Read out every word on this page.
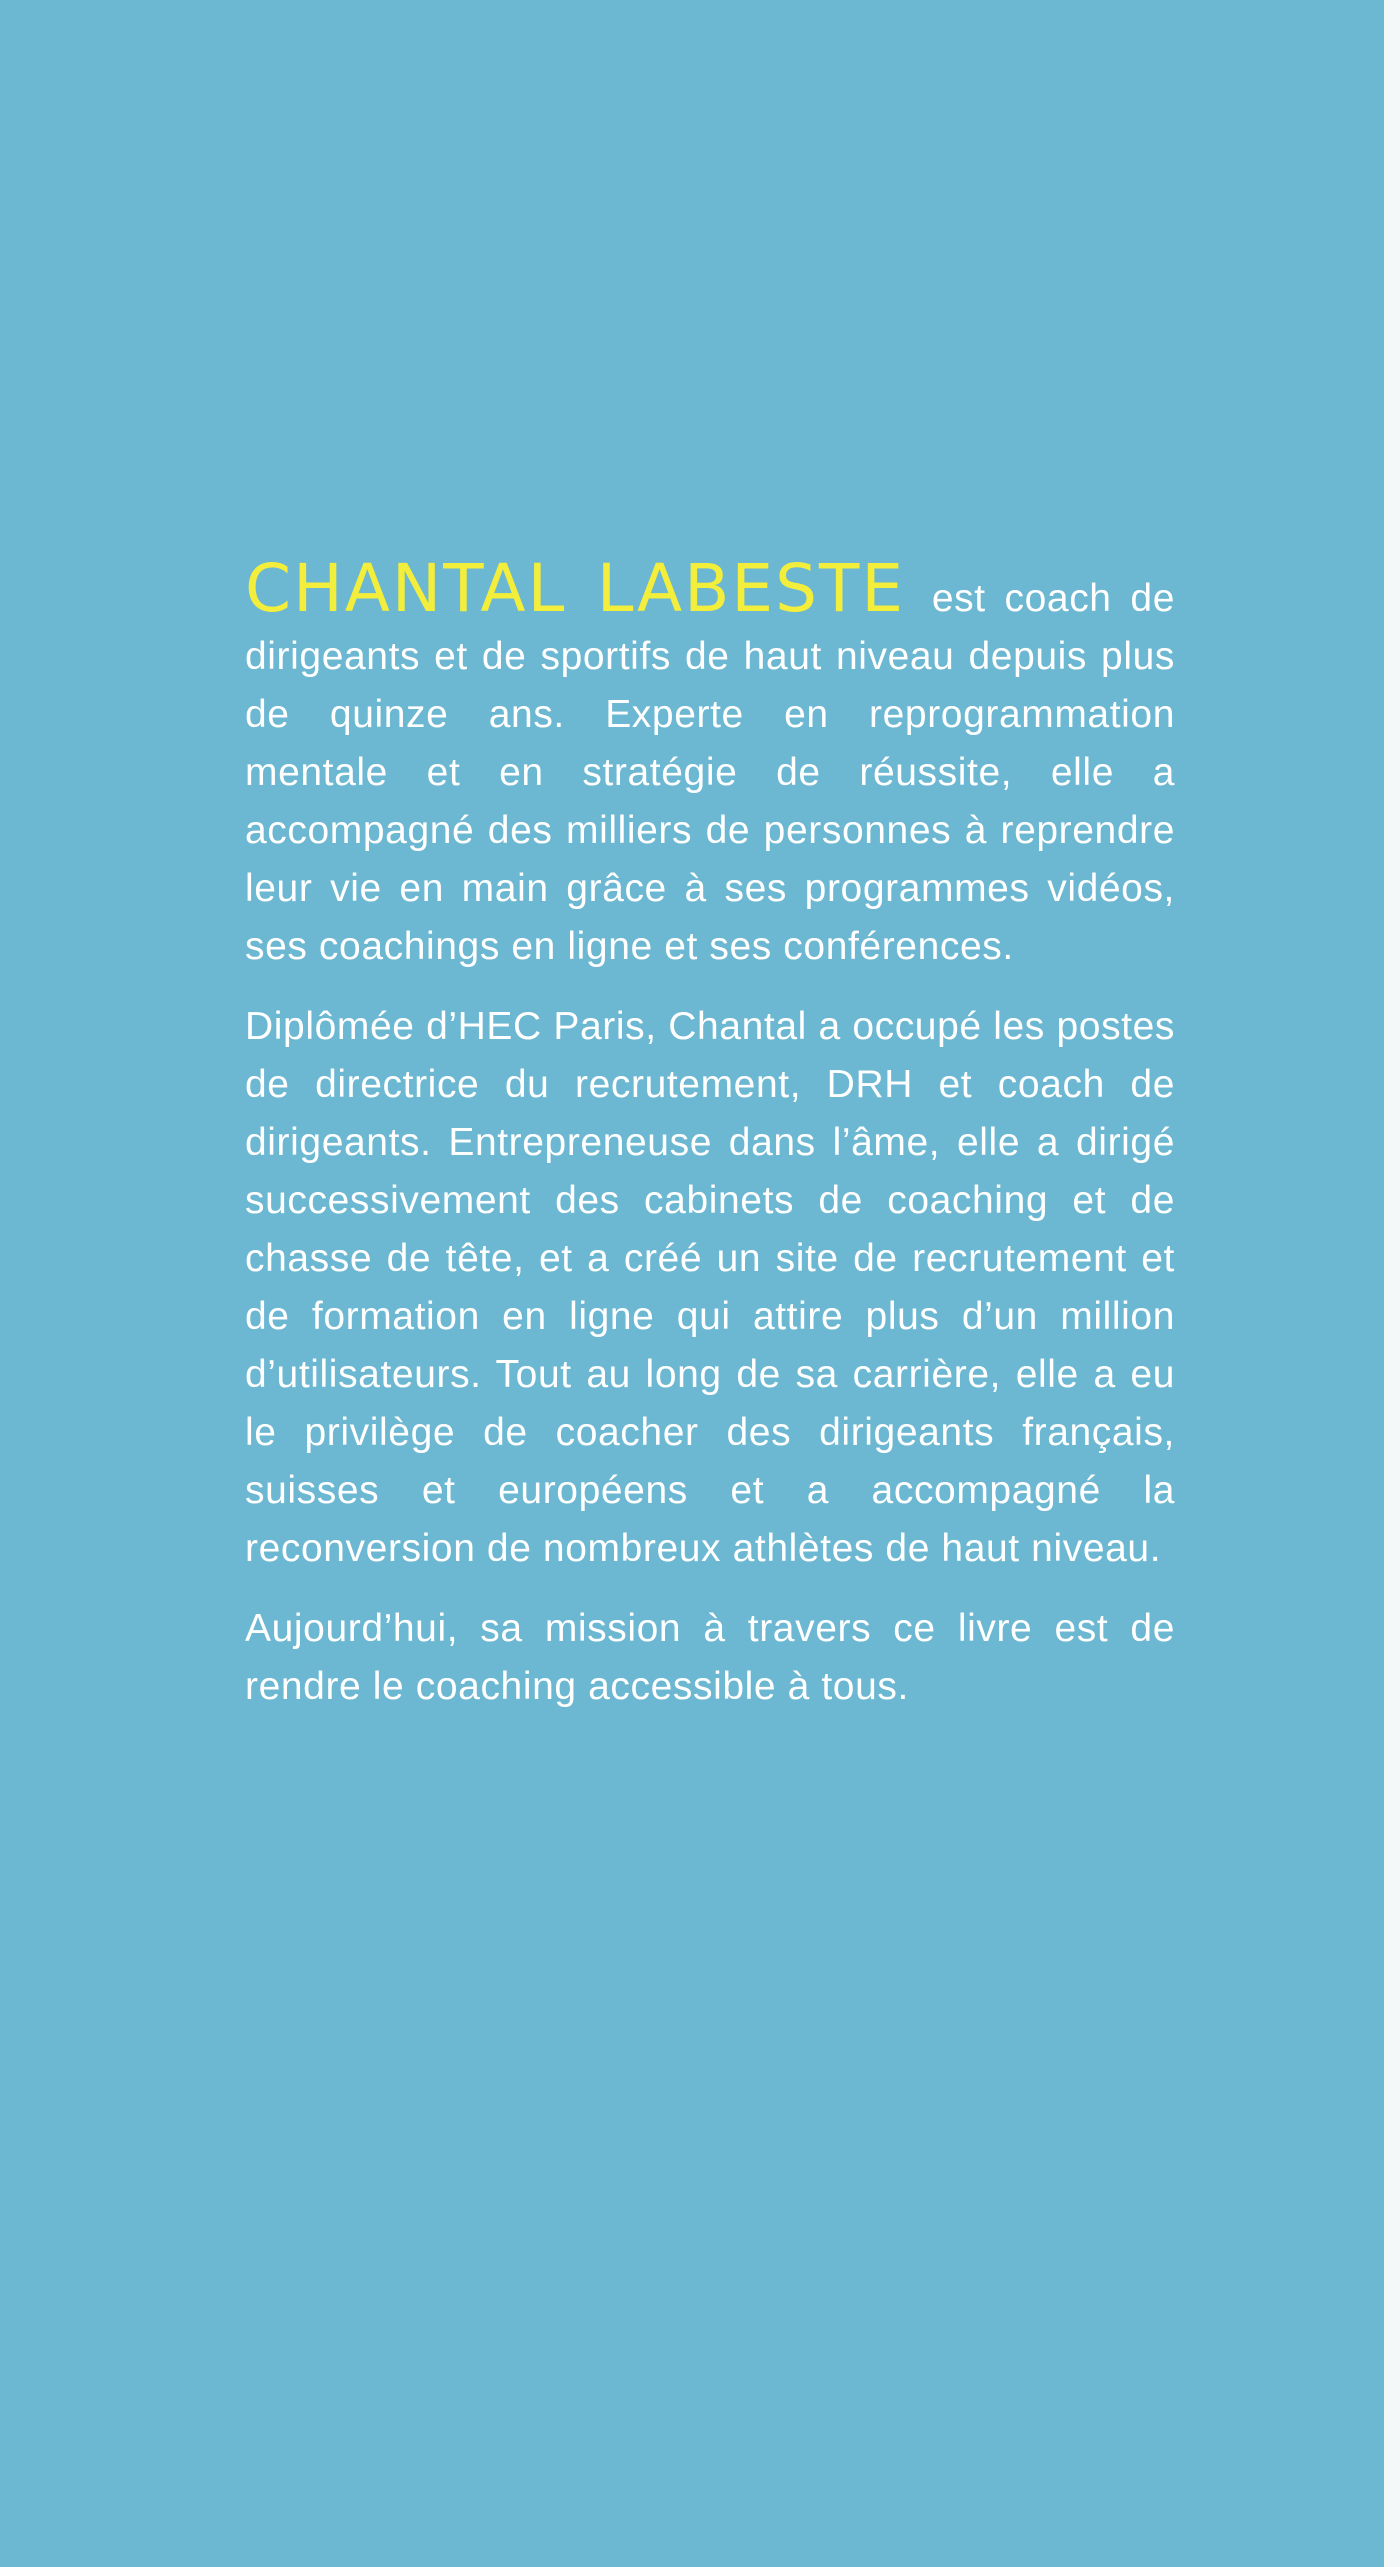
CHANTAL LABESTE est coach de dirigeants et de sportifs de haut niveau depuis plus de quinze ans. Experte en reprogrammation mentale et en stratégie de réussite, elle a accompagné des milliers de personnes à reprendre leur vie en main grâce à ses programmes vidéos, ses coachings en ligne et ses conférences.

Diplômée d’HEC Paris, Chantal a occupé les postes de directrice du recrutement, DRH et coach de dirigeants. Entrepreneuse dans l’âme, elle a dirigé successivement des cabinets de coaching et de chasse de tête, et a créé un site de recrutement et de formation en ligne qui attire plus d’un million d’utilisateurs. Tout au long de sa carrière, elle a eu le privilège de coacher des dirigeants français, suisses et européens et a accompagné la reconversion de nombreux athlètes de haut niveau.

Aujourd’hui, sa mission à travers ce livre est de rendre le coaching accessible à tous.
